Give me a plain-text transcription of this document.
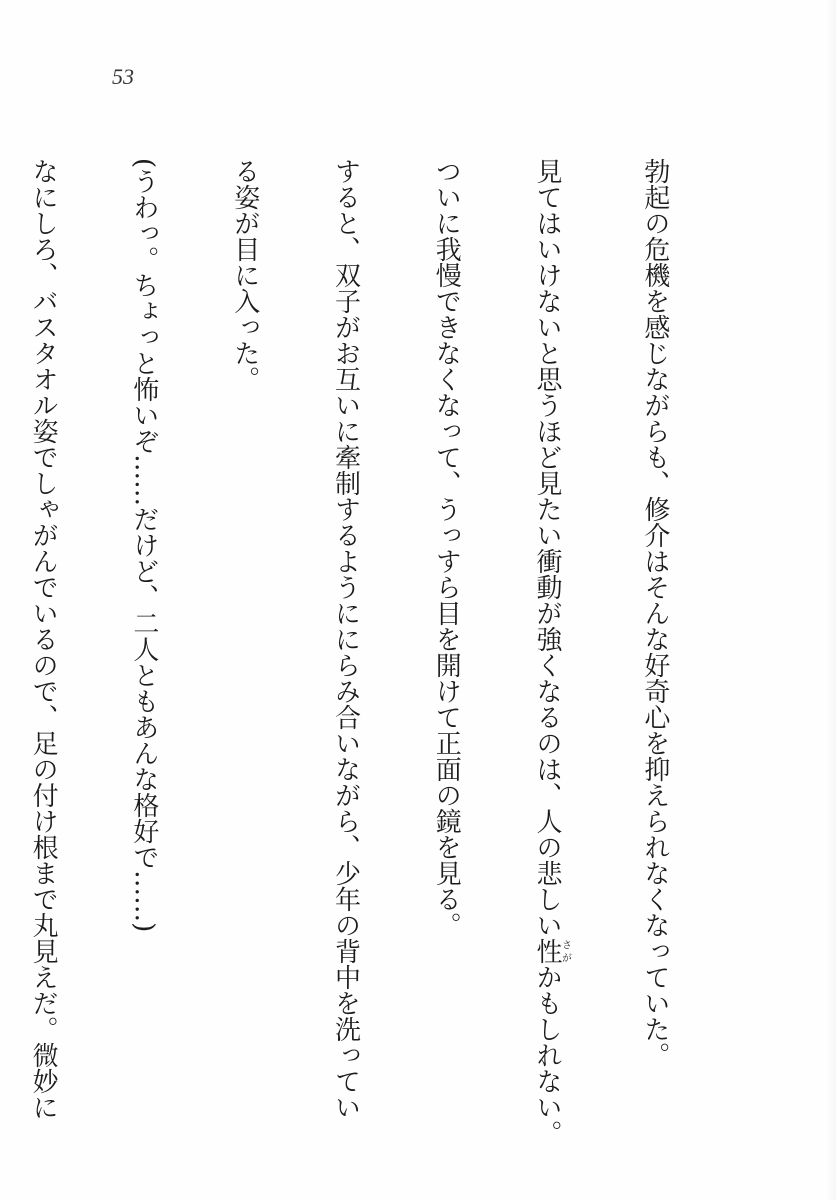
53

勃起の危機を感じながらも、修介はそんな好奇心を抑えられなくなっていた。

見てはいけないと思うほど見たい衝動が強くなるのは、人の悲しい性さがかもしれない。

ついに我慢できなくなって、うっすら目を開けて正面の鏡を見る。

すると、双子がお互いに牽制するようににらみ合いながら、少年の背中を洗ってい

る姿が目に入った。

(うわっ。ちょっと怖いぞ……だけど、二人ともあんな格好で……)

なにしろ、バスタオル姿でしゃがんでいるので、足の付け根まで丸見えだ。微妙に
